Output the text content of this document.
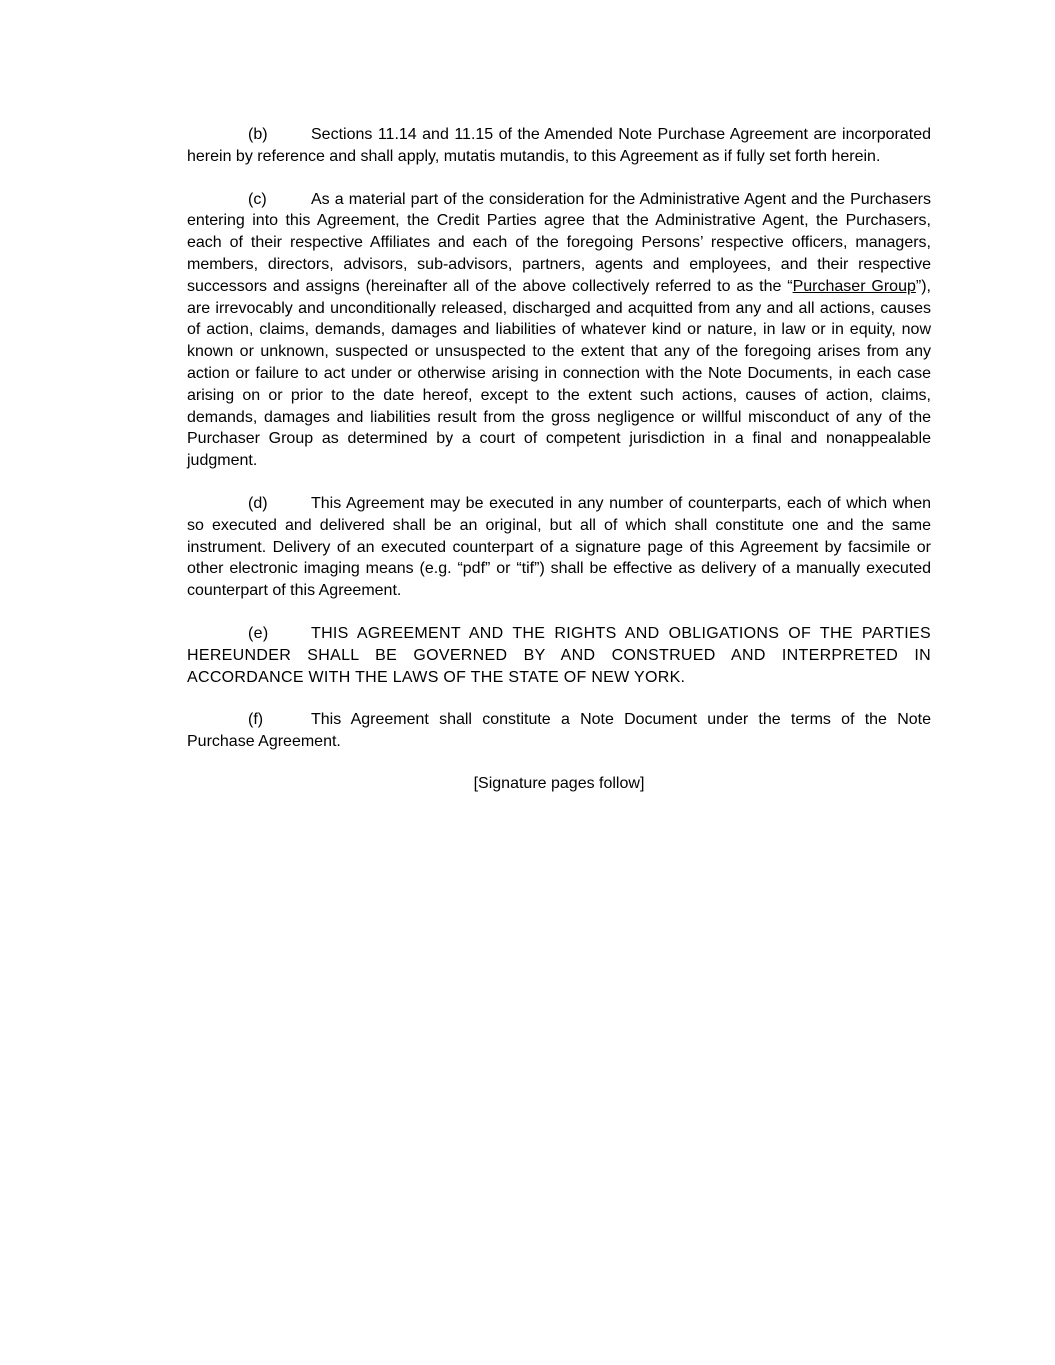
(b)	Sections 11.14 and 11.15 of the Amended Note Purchase Agreement are incorporated herein by reference and shall apply, mutatis mutandis, to this Agreement as if fully set forth herein.

(c)	As a material part of the consideration for the Administrative Agent and the Purchasers entering into this Agreement, the Credit Parties agree that the Administrative Agent, the Purchasers, each of their respective Affiliates and each of the foregoing Persons’ respective officers, managers, members, directors, advisors, sub-advisors, partners, agents and employees, and their respective successors and assigns (hereinafter all of the above collectively referred to as the “Purchaser Group”), are irrevocably and unconditionally released, discharged and acquitted from any and all actions, causes of action, claims, demands, damages and liabilities of whatever kind or nature, in law or in equity, now known or unknown, suspected or unsuspected to the extent that any of the foregoing arises from any action or failure to act under or otherwise arising in connection with the Note Documents, in each case arising on or prior to the date hereof, except to the extent such actions, causes of action, claims, demands, damages and liabilities result from the gross negligence or willful misconduct of any of the Purchaser Group as determined by a court of competent jurisdiction in a final and nonappealable judgment.

(d)	This Agreement may be executed in any number of counterparts, each of which when so executed and delivered shall be an original, but all of which shall constitute one and the same instrument. Delivery of an executed counterpart of a signature page of this Agreement by facsimile or other electronic imaging means (e.g. “pdf” or “tif”) shall be effective as delivery of a manually executed counterpart of this Agreement.

(e)	THIS AGREEMENT AND THE RIGHTS AND OBLIGATIONS OF THE PARTIES HEREUNDER SHALL BE GOVERNED BY AND CONSTRUED AND INTERPRETED IN ACCORDANCE WITH THE LAWS OF THE STATE OF NEW YORK.

(f)	This Agreement shall constitute a Note Document under the terms of the Note Purchase Agreement.

[Signature pages follow]
